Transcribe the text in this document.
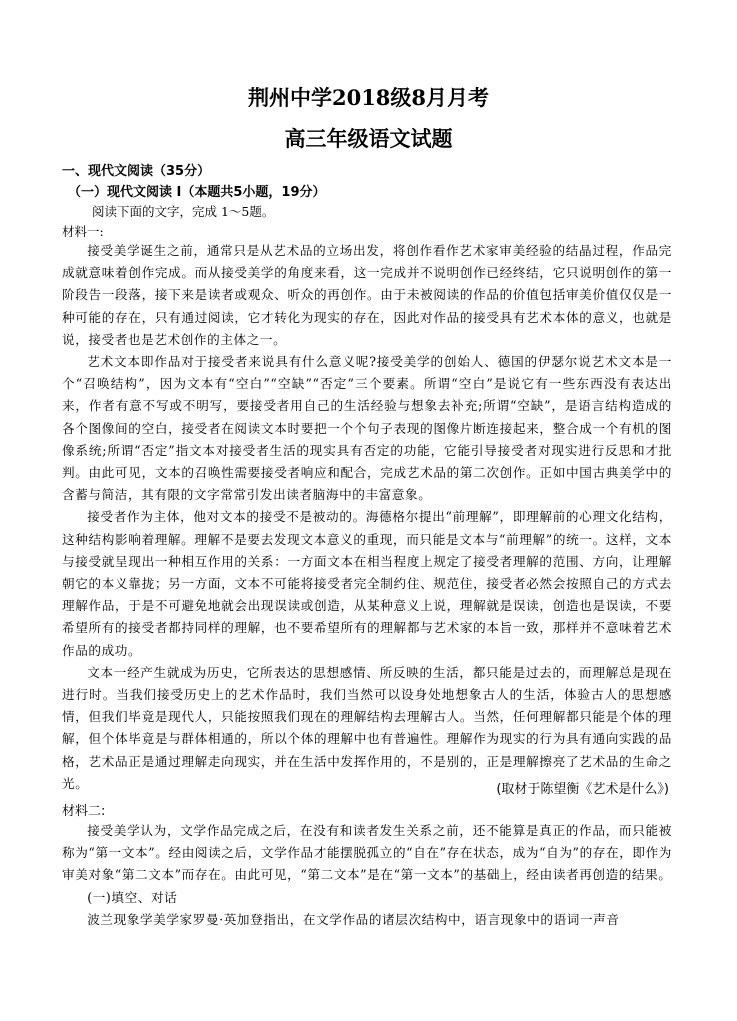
荆州中学2018级8月月考
高三年级语文试题
一、现代文阅读（35分）
（一）现代文阅读 I（本题共5小题，19分）
阅读下面的文字，完成 1～5题。
材料一:

接受美学诞生之前，通常只是从艺术品的立场出发，将创作看作艺术家审美经验的结晶过程，作品完成就意味着创作完成。而从接受美学的角度来看，这一完成并不说明创作已经终结，它只说明创作的第一阶段告一段落，接下来是读者或观众、听众的再创作。由于未被阅读的作品的价值包括审美价值仅仅是一种可能的存在，只有通过阅读，它才转化为现实的存在，因此对作品的接受具有艺术本体的意义，也就是说，接受者也是艺术创作的主体之一。

艺术文本即作品对于接受者来说具有什么意义呢?接受美学的创始人、德国的伊瑟尔说艺术文本是一个“召唤结构”，因为文本有“空白”“空缺”“否定”三个要素。所谓“空白”是说它有一些东西没有表达出来，作者有意不写或不明写，要接受者用自己的生活经验与想象去补充;所谓“空缺”，是语言结构造成的各个图像间的空白，接受者在阅读文本时要把一个个句子表现的图像片断连接起来，整合成一个有机的图像系统;所谓“否定”指文本对接受者生活的现实具有否定的功能，它能引导接受者对现实进行反思和才批判。由此可见，文本的召唤性需要接受者响应和配合，完成艺术品的第二次创作。正如中国古典美学中的含蓄与简洁，其有限的文字常常引发出读者脑海中的丰富意象。

接受者作为主体，他对文本的接受不是被动的。海德格尔提出“前理解”，即理解前的心理文化结构，这种结构影响着理解。理解不是要去发现文本意义的重现，而只能是文本与“前理解”的统一。这样，文本与接受就呈现出一种相互作用的关系：一方面文本在相当程度上规定了接受者理解的范围、方向，让理解朝它的本义靠拢；另一方面，文本不可能将接受者完全制约住、规范住，接受者必然会按照自己的方式去理解作品，于是不可避免地就会出现误读或创造，从某种意义上说，理解就是误读，创造也是误读，不要希望所有的接受者都持同样的理解，也不要希望所有的理解都与艺术家的本旨一致，那样并不意味着艺术作品的成功。

文本一经产生就成为历史，它所表达的思想感情、所反映的生活，都只能是过去的，而理解总是现在进行时。当我们接受历史上的艺术作品时，我们当然可以设身处地想象古人的生活，体验古人的思想感情，但我们毕竟是现代人，只能按照我们现在的理解结构去理解古人。当然，任何理解都只能是个体的理解，但个体毕竟是与群体相通的，所以个体的理解中也有普遍性。理解作为现实的行为具有通向实践的品格，艺术品正是通过理解走向现实，并在生活中发挥作用的，不是别的，正是理解擦亮了艺术品的生命之光。	(取材于陈望衡《艺术是什么》)
材料二:

接受美学认为，文学作品完成之后，在没有和读者发生关系之前，还不能算是真正的作品，而只能被称为“第一文本”。经由阅读之后，文学作品才能摆脱孤立的“自在”存在状态，成为“自为”的存在，即作为审美对象“第二文本”而存在。由此可见，“第二文本”是在“第一文本”的基础上，经由读者再创造的结果。

(一)填空、对话

波兰现象学美学家罗曼·英加登指出，在文学作品的诸层次结构中，语言现象中的语词一声音
